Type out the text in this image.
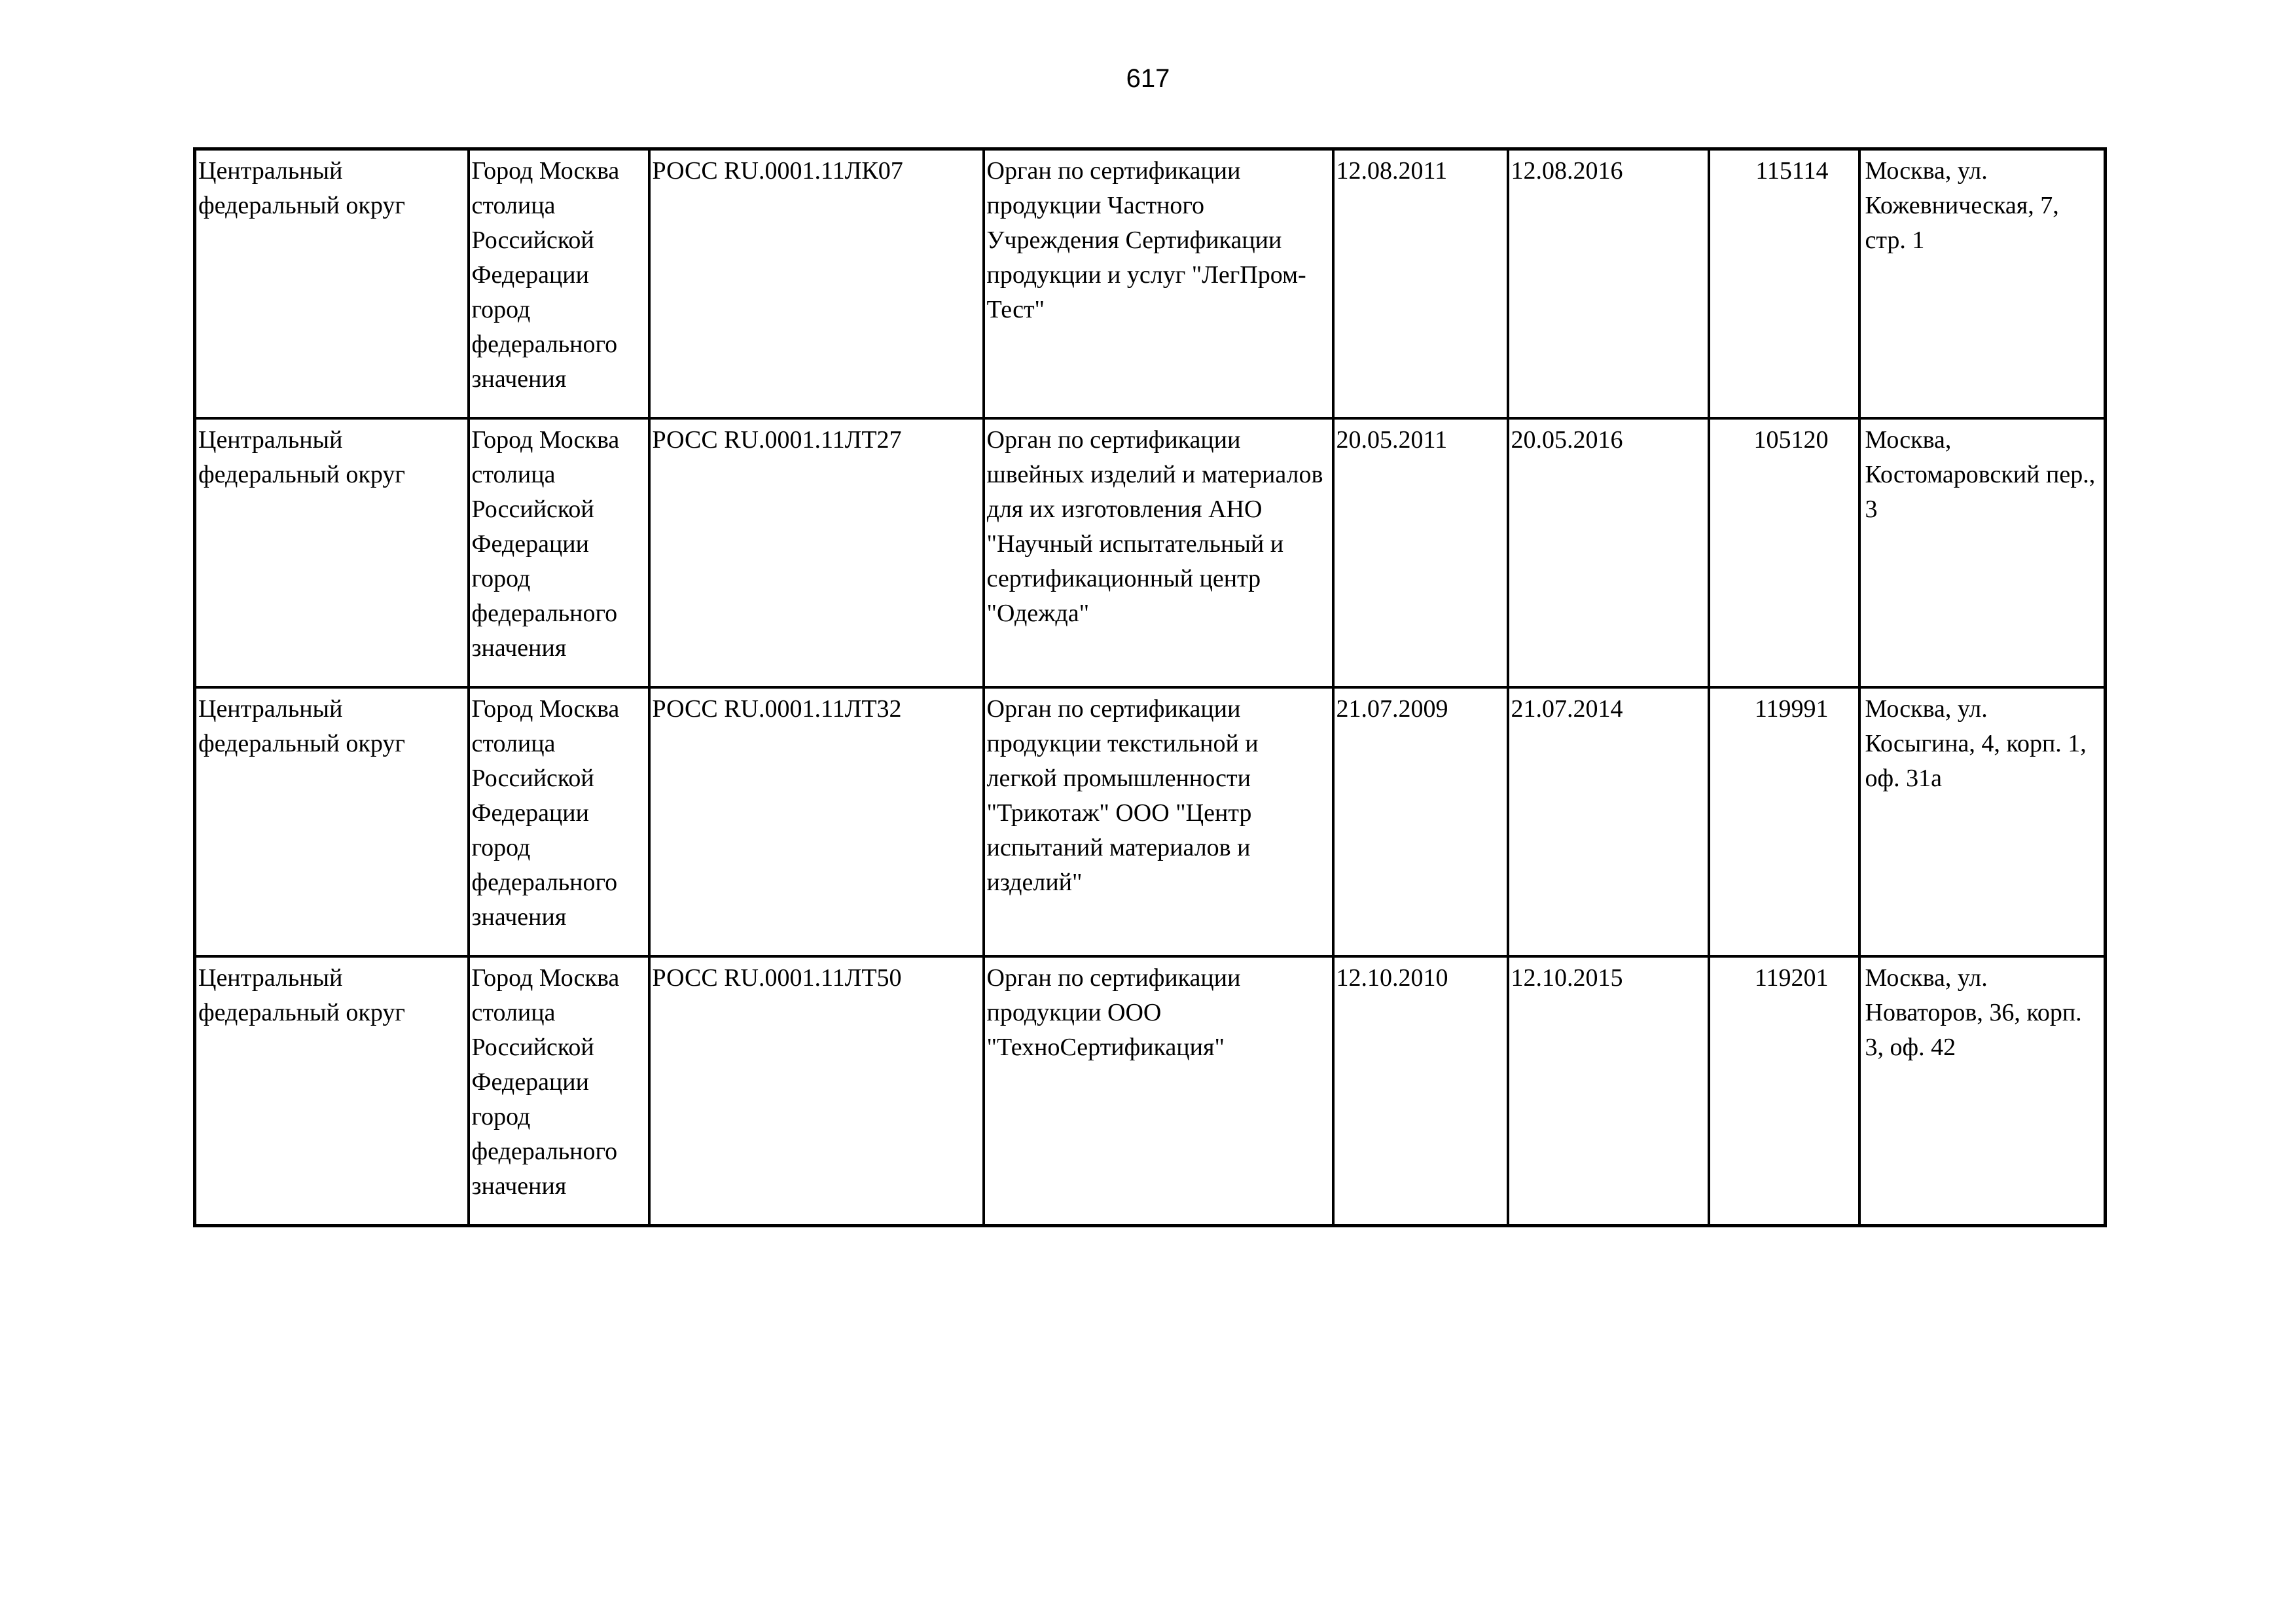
617
Центральный федеральный округ	Город Москва столица Российской Федерации город федерального значения	РОСС RU.0001.11ЛК07	Орган по сертификации продукции Частного Учреждения Сертификации продукции и услуг "ЛегПром-Тест"	12.08.2011	12.08.2016	115114	Москва, ул. Кожевническая, 7, стр. 1

Центральный федеральный округ	Город Москва столица Российской Федерации город федерального значения	РОСС RU.0001.11ЛТ27	Орган по сертификации швейных изделий и материалов для их изготовления АНО "Научный испытательный и сертификационный центр "Одежда"	20.05.2011	20.05.2016	105120	Москва, Костомаровский пер., 3

Центральный федеральный округ	Город Москва столица Российской Федерации город федерального значения	РОСС RU.0001.11ЛТ32	Орган по сертификации продукции текстильной и легкой промышленности "Трикотаж" ООО "Центр испытаний материалов и изделий"	21.07.2009	21.07.2014	119991	Москва, ул. Косыгина, 4, корп. 1, оф. 31а

Центральный федеральный округ	Город Москва столица Российской Федерации город федерального значения	РОСС RU.0001.11ЛТ50	Орган по сертификации продукции ООО "ТехноСертификация"	12.10.2010	12.10.2015	119201	Москва, ул. Новаторов, 36, корп. 3, оф. 42
